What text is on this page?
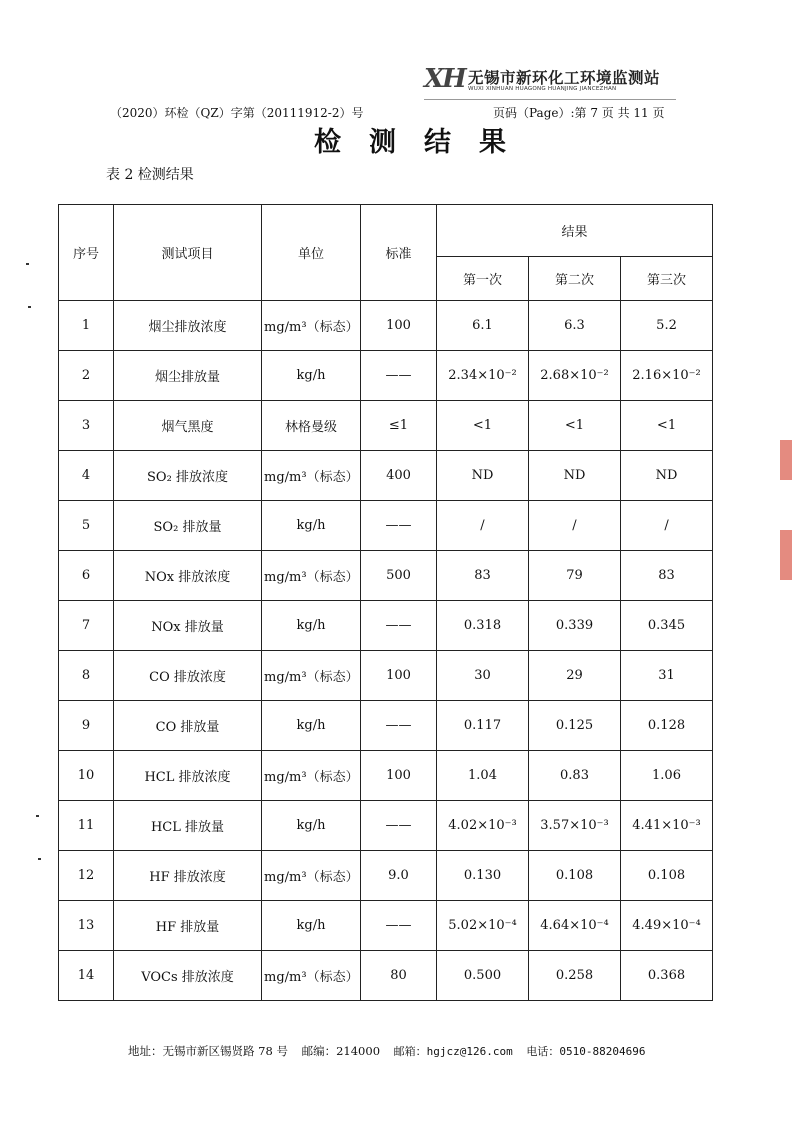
XH 无锡市新环化工环境监测站
WUXI XINHUAN HUAGONG HUANJING JIANCEZHAN
（2020）环检（QZ）字第（20111912-2）号	页码（Page）:第 7 页 共 11 页
检测结果
表 2 检测结果
序号	测试项目	单位	标准	结果		
				第一次	第二次	第三次
1	烟尘排放浓度	mg/m³（标态）	100	6.1	6.3	5.2
2	烟尘排放量	kg/h	——	2.34×10⁻²	2.68×10⁻²	2.16×10⁻²
3	烟气黑度	林格曼级	≤1	<1	<1	<1
4	SO₂ 排放浓度	mg/m³（标态）	400	ND	ND	ND
5	SO₂ 排放量	kg/h	——	/	/	/
6	NOx 排放浓度	mg/m³（标态）	500	83	79	83
7	NOx 排放量	kg/h	——	0.318	0.339	0.345
8	CO 排放浓度	mg/m³（标态）	100	30	29	31
9	CO 排放量	kg/h	——	0.117	0.125	0.128
10	HCL 排放浓度	mg/m³（标态）	100	1.04	0.83	1.06
11	HCL 排放量	kg/h	——	4.02×10⁻³	3.57×10⁻³	4.41×10⁻³
12	HF 排放浓度	mg/m³（标态）	9.0	0.130	0.108	0.108
13	HF 排放量	kg/h	——	5.02×10⁻⁴	4.64×10⁻⁴	4.49×10⁻⁴
14	VOCs 排放浓度	mg/m³（标态）	80	0.500	0.258	0.368
地址：无锡市新区锡贤路 78 号 邮编：214000 邮箱：hgjcz@126.com 电话：0510-88204696
